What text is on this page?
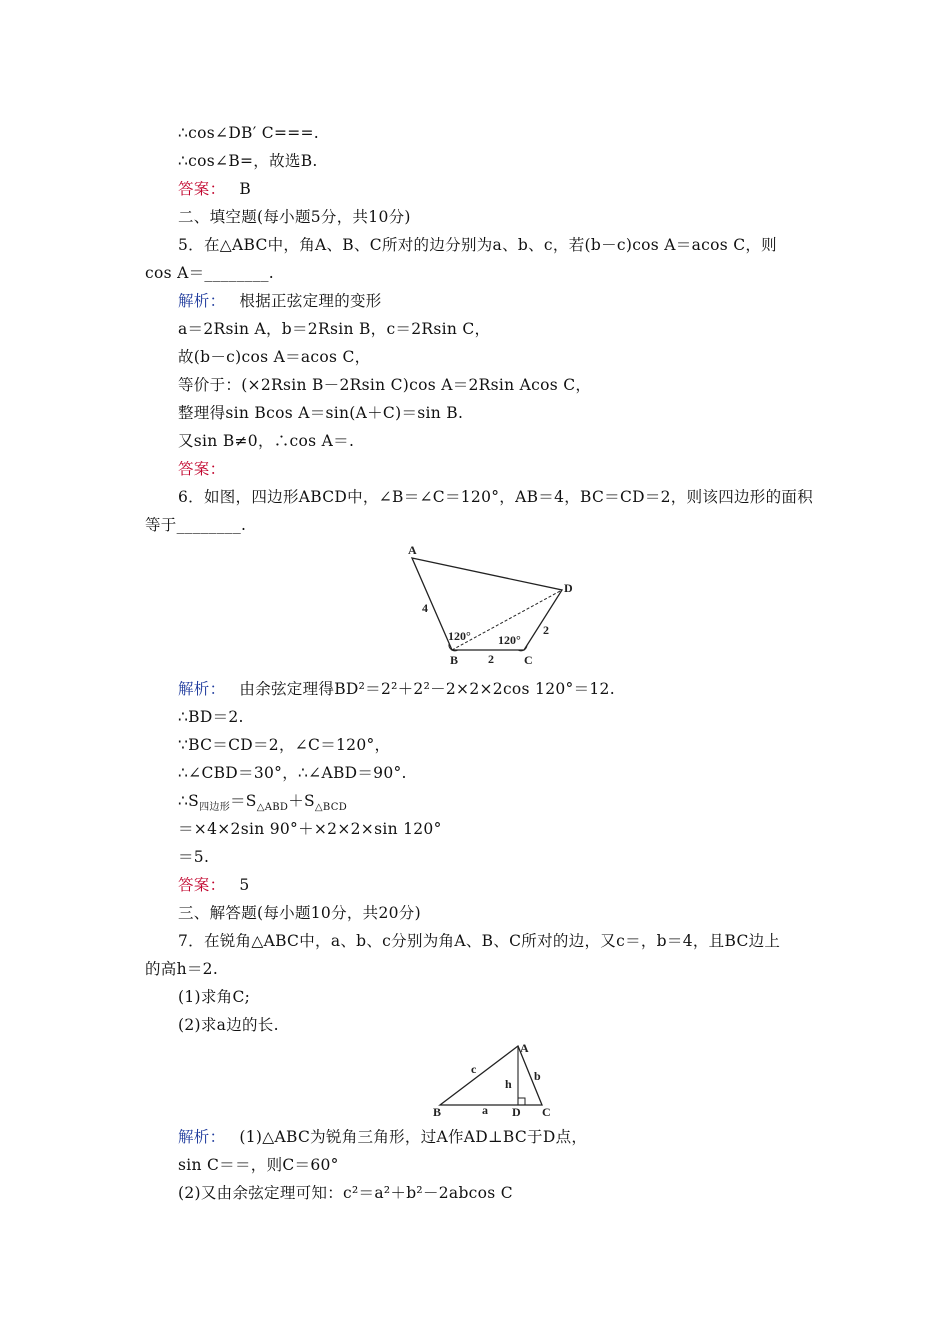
∴cos∠DB′ C===.
∴cos∠B=，故选B.
答案： B
二、填空题(每小题5分，共10分)
5．在△ABC中，角A、B、C所对的边分别为a、b、c，若(b－c)cos A＝acos C，则
cos A＝________.
解析： 根据正弦定理的变形
a＝2Rsin A，b＝2Rsin B，c＝2Rsin C，
故(b－c)cos A＝acos C，
等价于：(×2Rsin B－2Rsin C)cos A＝2Rsin Acos C，
整理得sin Bcos A＝sin(A＋C)＝sin B.
又sin B≠0，∴cos A＝.
答案：
6．如图，四边形ABCD中，∠B＝∠C＝120°，AB＝4，BC＝CD＝2，则该四边形的面积
等于________.
A
D
B	C
4
2
2
120° 120°
解析： 由余弦定理得BD²＝2²＋2²－2×2×2cos 120°＝12.
∴BD＝2.
∵BC＝CD＝2，∠C＝120°，
∴∠CBD＝30°，∴∠ABD＝90°.
$\therefore S_{四边形}=S_{\triangle ABD}+S_{\triangle BCD}$
＝×4×2sin 90°＋×2×2×sin 120°
＝5.
答案： 5
三、解答题(每小题10分，共20分)
7．在锐角△ABC中，a、b、c分别为角A、B、C所对的边，又c＝，b＝4，且BC边上
的高h＝2.
(1)求角C;
(2)求a边的长.
A
B	D C
c
a
b
h
解析： (1)△ABC为锐角三角形，过A作AD⊥BC于D点，
sin C＝＝，则C＝60°
(2)又由余弦定理可知：c²＝a²＋b²－2abcos C
